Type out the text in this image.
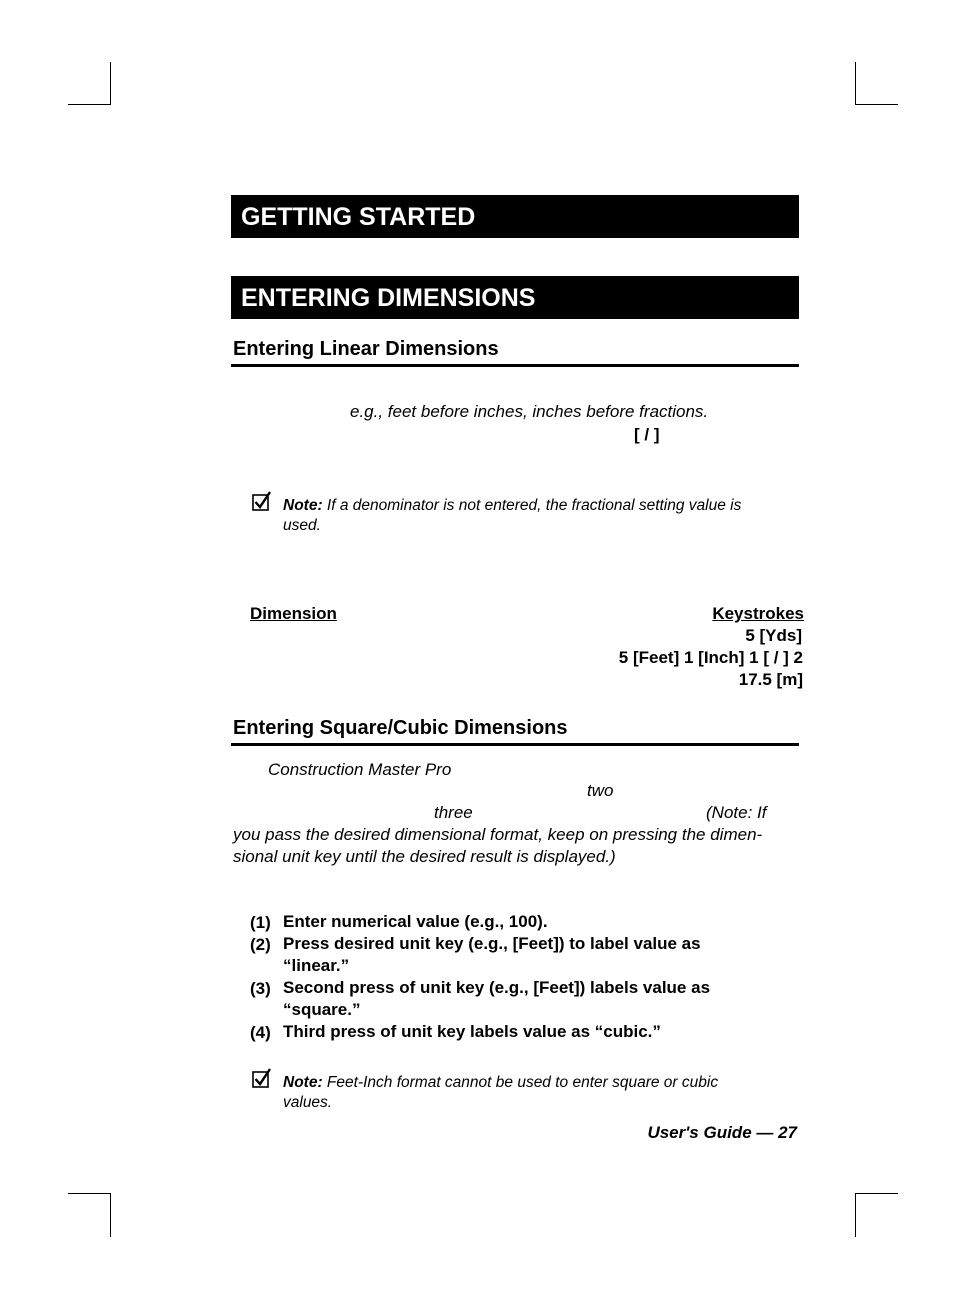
GETTING STARTED
ENTERING DIMENSIONS
Entering Linear Dimensions
e.g., feet before inches, inches before fractions.
[ / ]
Note: If a denominator is not entered, the fractional setting value is used.
Dimension	Keystrokes
5 [Yds]
5 [Feet] 1 [Inch] 1 [ / ] 2
17.5 [m]
Entering Square/Cubic Dimensions
Construction Master Pro
two
three	(Note: If
you pass the desired dimensional format, keep on pressing the dimen-
sional unit key until the desired result is displayed.)
(1) Enter numerical value (e.g., 100).
(2) Press desired unit key (e.g., [Feet]) to label value as “linear.”
(3) Second press of unit key (e.g., [Feet]) labels value as “square.”
(4) Third press of unit key labels value as “cubic.”
Note: Feet-Inch format cannot be used to enter square or cubic values.
User's Guide — 27
